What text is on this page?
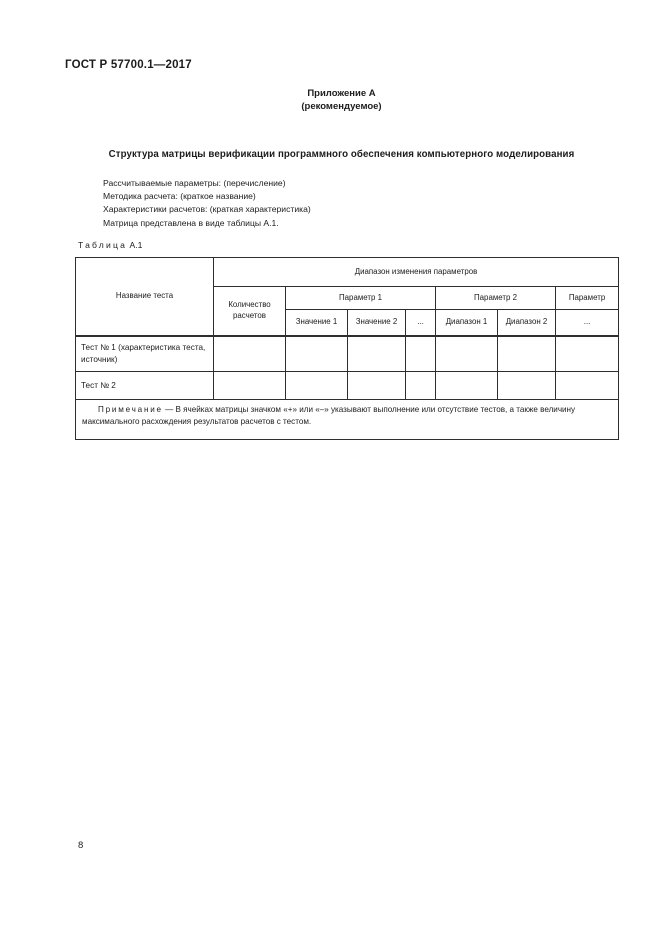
ГОСТ Р 57700.1—2017
Приложение А
(рекомендуемое)
Структура матрицы верификации программного обеспечения компьютерного моделирования
Рассчитываемые параметры: (перечисление)
Методика расчета: (краткое название)
Характеристики расчетов: (краткая характеристика)
Матрица представлена в виде таблицы А.1.
Таблица А.1
Название теста	Диапазон изменения параметров						
	Количество расчетов	Параметр 1			Параметр 2		Параметр
		Значение 1	Значение 2	...	Диапазон 1	Диапазон 2	...
Тест № 1 (характеристика теста, источник)							
Тест № 2							

Примечание — В ячейках матрицы значком «+» или «–» указывают выполнение или отсутствие тестов, а также величину максимального расхождения результатов расчетов с тестом.							
8
